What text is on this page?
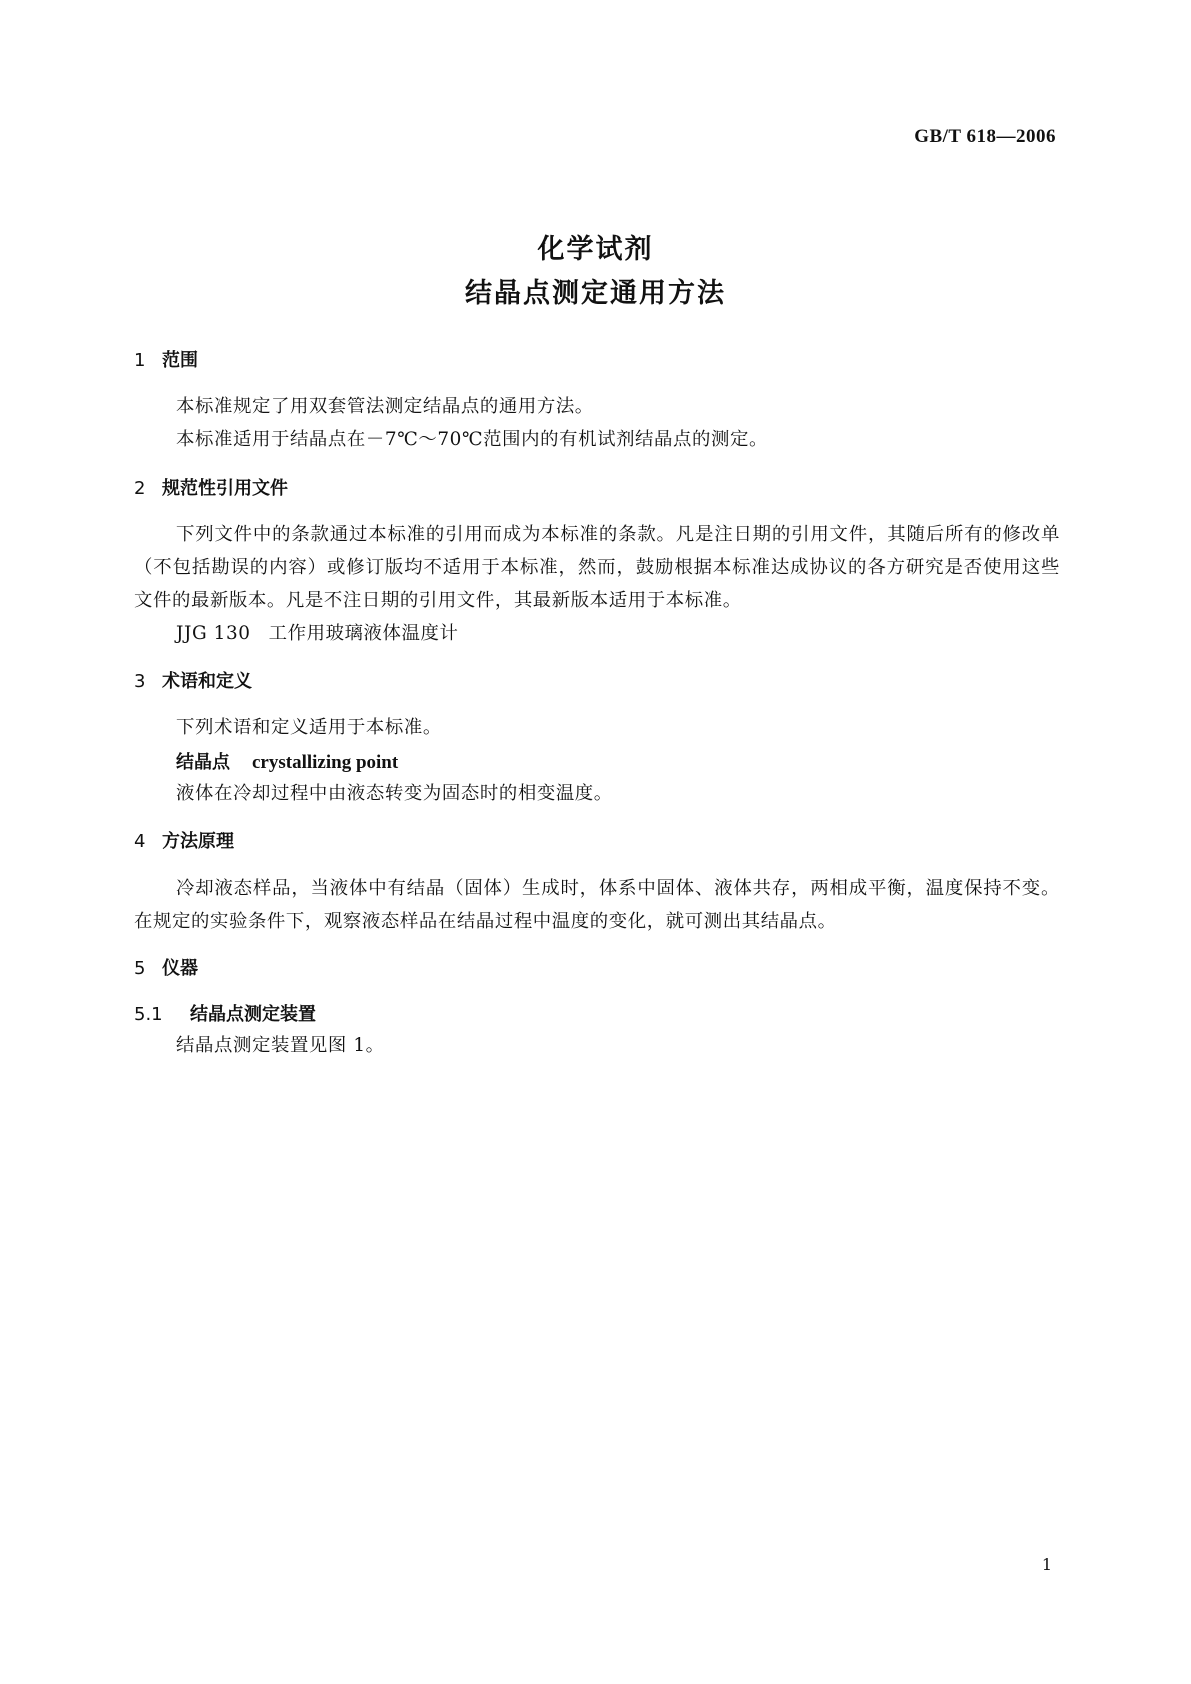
GB/T 618—2006
化学试剂
结晶点测定通用方法
1 范围
本标准规定了用双套管法测定结晶点的通用方法。
本标准适用于结晶点在－7℃～70℃范围内的有机试剂结晶点的测定。
2 规范性引用文件
下列文件中的条款通过本标准的引用而成为本标准的条款。凡是注日期的引用文件，其随后所有的修改单（不包括勘误的内容）或修订版均不适用于本标准，然而，鼓励根据本标准达成协议的各方研究是否使用这些文件的最新版本。凡是不注日期的引用文件，其最新版本适用于本标准。
JJG 130 工作用玻璃液体温度计
3 术语和定义
下列术语和定义适用于本标准。
结晶点 crystallizing point
液体在冷却过程中由液态转变为固态时的相变温度。
4 方法原理
冷却液态样品，当液体中有结晶（固体）生成时，体系中固体、液体共存，两相成平衡，温度保持不变。在规定的实验条件下，观察液态样品在结晶过程中温度的变化，就可测出其结晶点。
5 仪器
5.1 结晶点测定装置
结晶点测定装置见图 1。
1
